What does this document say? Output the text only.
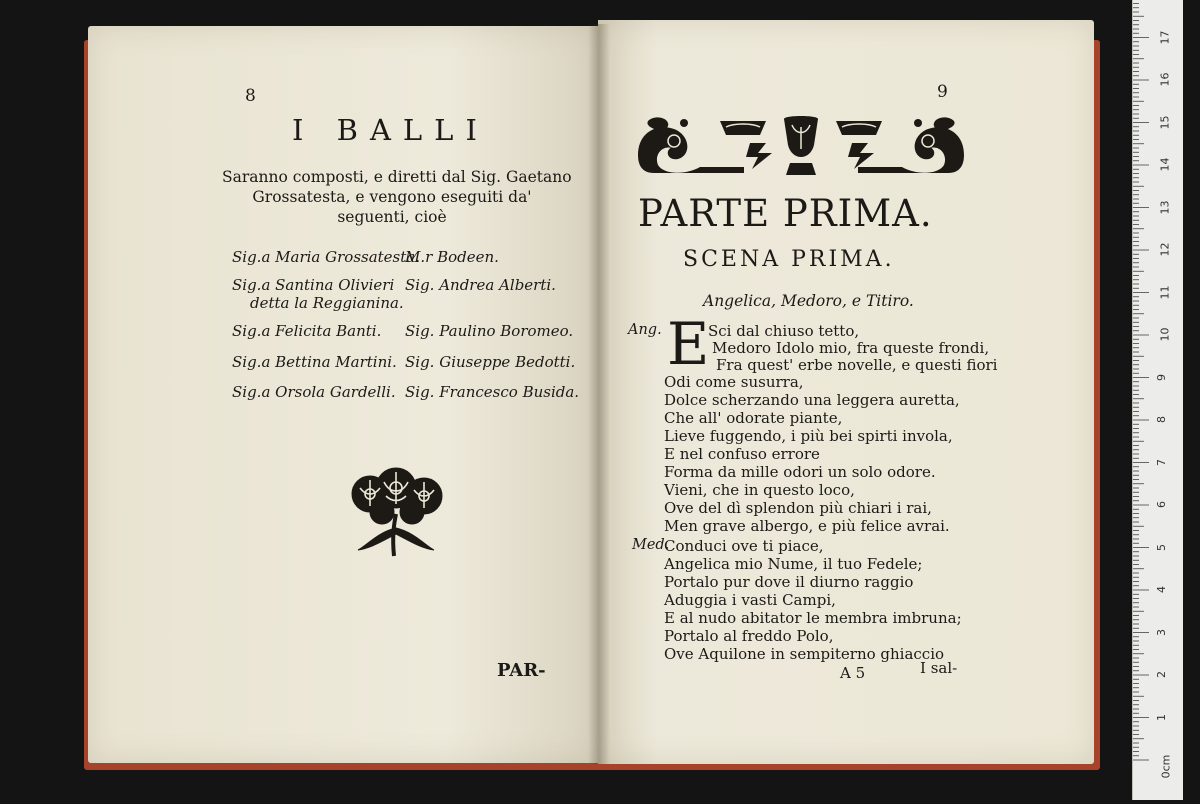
8
I BALLI
Saranno composti, e diretti dal Sig. Gaetano
Grossatesta, e vengono eseguiti da'
seguenti, cioè
Sig.a Maria Grossatesta.
M.r Bodeen.
Sig.a Santina Olivieri
detta la Reggianina.
Sig. Andrea Alberti.
Sig.a Felicita Banti. Sig. Paulino Boromeo.
Sig.a Bettina Martini. Sig. Giuseppe Bedotti.
Sig.a Orsola Gardelli. Sig. Francesco Busida.
PAR-
9
PARTE PRIMA.
SCENA PRIMA.
Angelica, Medoro, e Titiro.
Ang. E
Sci dal chiuso tetto,
Medoro Idolo mio, fra queste frondi,
Fra quest' erbe novelle, e questi fiori
Odi come susurra,
Dolce scherzando una leggera auretta,
Che all' odorate piante,
Lieve fuggendo, i più bei spirti invola,
E nel confuso errore
Forma da mille odori un solo odore.
Vieni, che in questo loco,
Ove del dì splendon più chiari i rai,
Men grave albergo, e più felice avrai.
Med.
Conduci ove ti piace,
Angelica mio Nume, il tuo Fedele;
Portalo pur dove il diurno raggio
Aduggia i vasti Campi,
E al nudo abitator le membra imbruna;
Portalo al freddo Polo,
Ove Aquilone in sempiterno ghiaccio
A 5	I sal-
0cm
1
2
3
4
5
6
7
8
9
10
11
12
13
14
15
16
17
